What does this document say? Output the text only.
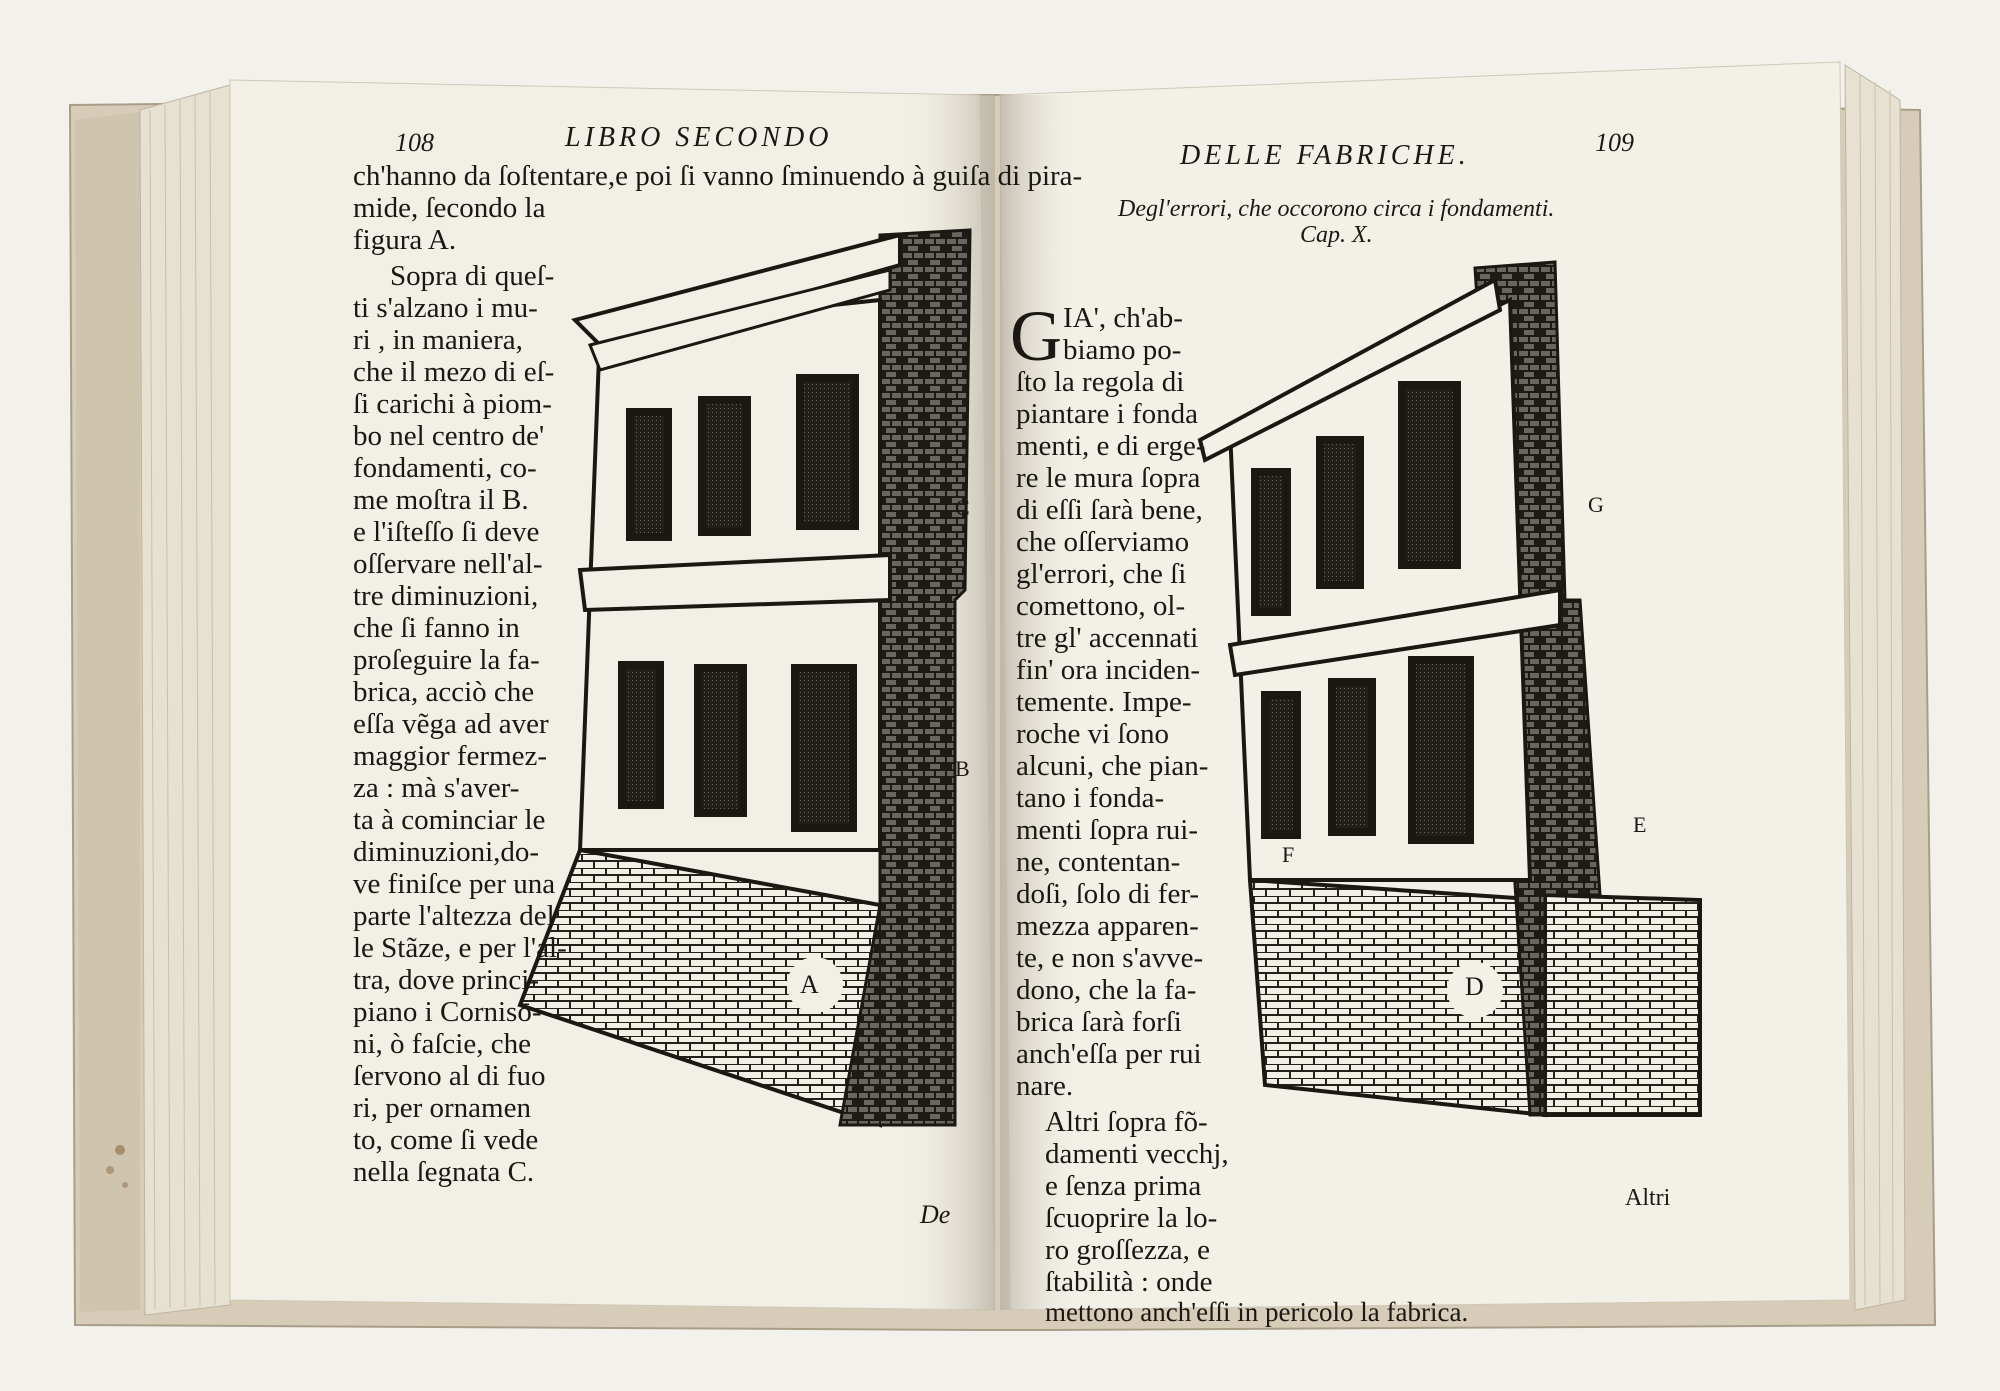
108	LIBRO SECONDO
ch'hanno da ſoſtentare,e poi ſi vanno ſminuendo à guiſa di pira-
mide, ſecondo la
figura A.
Sopra di queſ-
ti s'alzano i mu-
ri , in maniera,
che il mezo di eſ-
ſi carichi à piom-
bo nel centro de'
fondamenti, co-
me moſtra il B.
e l'iſteſſo ſi deve
oſſervare nell'al-
tre diminuzioni,
che ſi fanno in
proſeguire la fa-
brica, acciò che
eſſa vẽga ad aver
maggior fermez-
za : mà s'aver-
ta à cominciar le
diminuzioni,do-
ve finiſce per una
parte l'altezza del
le Stãze, e per l'al-
tra, dove princi-
piano i Cornisō-
ni, ò faſcie, che
ſervono al di fuo
ri, per ornamen
to, come ſi vede
nella ſegnata C.
C
B
A
De
DELLE FABRICHE.	109
Degl'errori, che occorono circa i fondamenti.
Cap. X.
G IA', ch'ab-
biamo po-
ſto la regola di
piantare i fonda
menti, e di erge-
re le mura ſopra
di eſſi ſarà bene,
che oſſerviamo
gl'errori, che ſi
comettono, ol-
tre gl' accennati
fin' ora inciden-
temente. Impe-
roche vi ſono
alcuni, che pian-
tano i fonda-
menti ſopra rui-
ne, contentan-
doſi, ſolo di fer-
mezza apparen-
te, e non s'avve-
dono, che la fa-
brica ſarà forſi
anch'eſſa per rui
nare.
Altri ſopra fõ-
damenti vecchj,
e ſenza prima
ſcuoprire la lo-
ro groſſezza, e
ſtabilità : onde
mettono anch'eſſi in pericolo la fabrica.
G
E
F
D
Altri
